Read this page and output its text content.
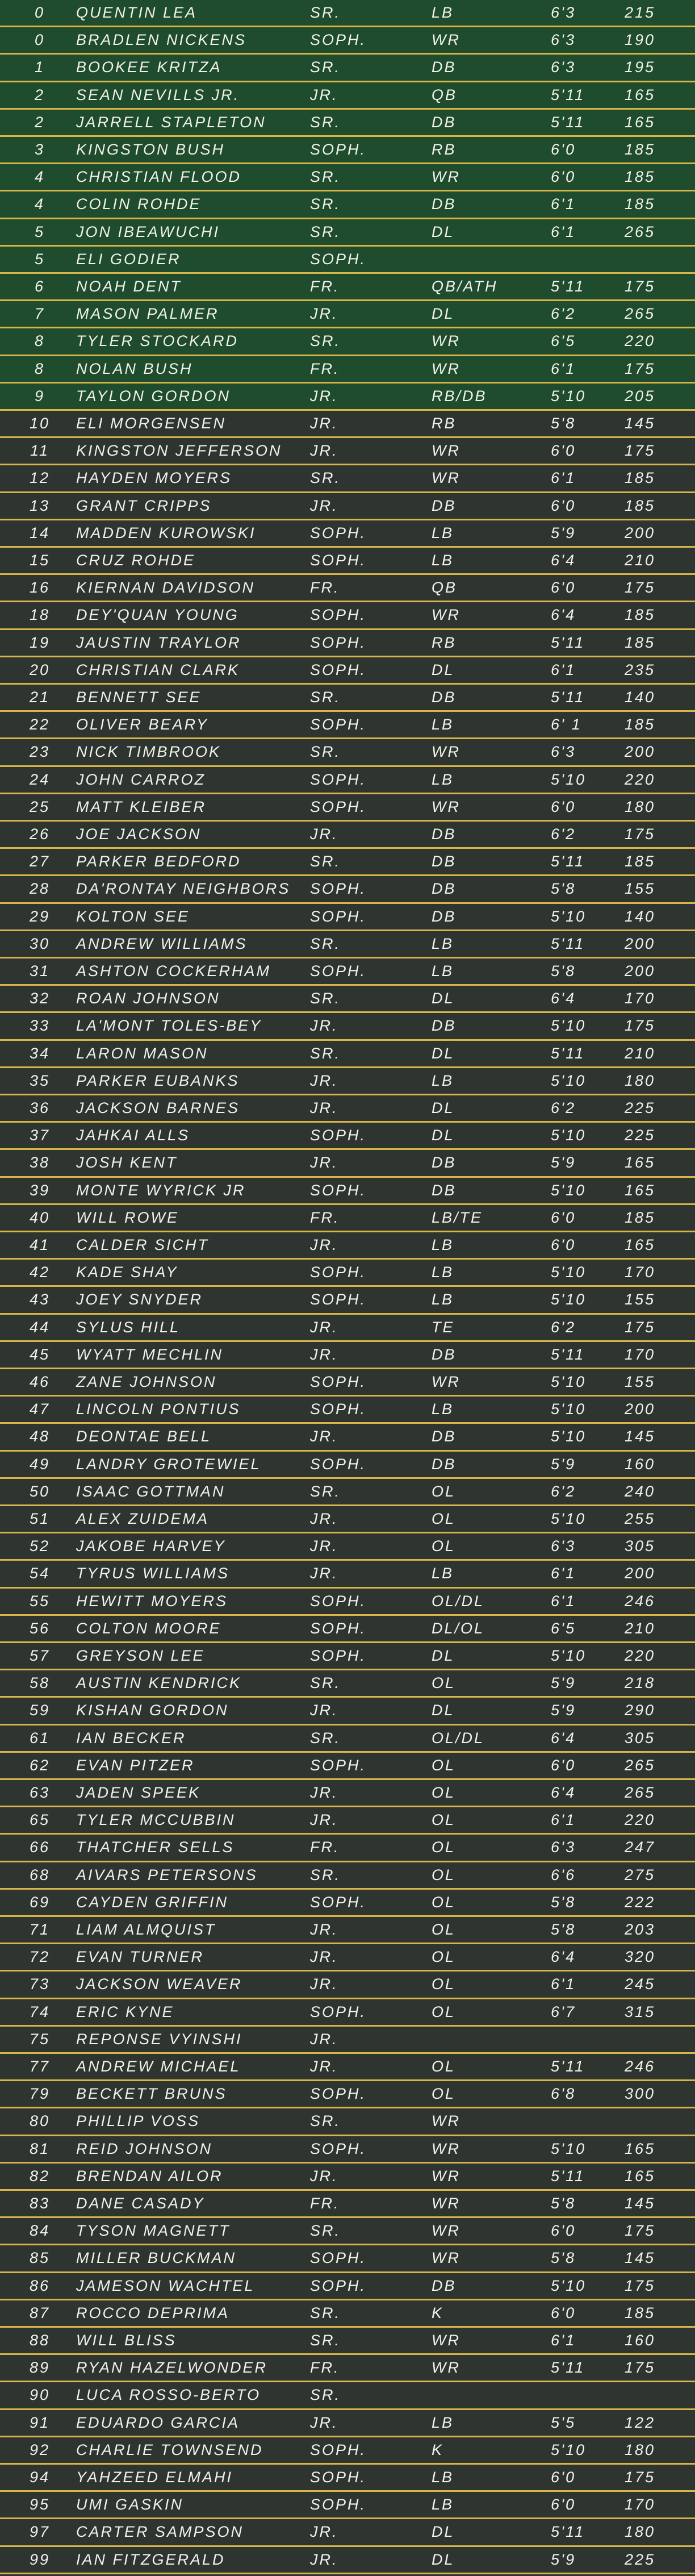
0	QUENTIN LEA	SR.	LB	6'3	215
0	BRADLEN NICKENS	SOPH.	WR	6'3	190
1	BOOKEE KRITZA	SR.	DB	6'3	195
2	SEAN NEVILLS JR.	JR.	QB	5'11	165
2	JARRELL STAPLETON	SR.	DB	5'11	165
3	KINGSTON BUSH	SOPH.	RB	6'0	185
4	CHRISTIAN FLOOD	SR.	WR	6'0	185
4	COLIN ROHDE	SR.	DB	6'1	185
5	JON IBEAWUCHI	SR.	DL	6'1	265
5	ELI GODIER	SOPH.
6	NOAH DENT	FR.	QB/ATH	5'11	175
7	MASON PALMER	JR.	DL	6'2	265
8	TYLER STOCKARD	SR.	WR	6'5	220
8	NOLAN BUSH	FR.	WR	6'1	175
9	TAYLON GORDON	JR.	RB/DB	5'10	205
10	ELI MORGENSEN	JR.	RB	5'8	145
11	KINGSTON JEFFERSON JR.	WR	6'0	175
12	HAYDEN MOYERS	SR.	WR	6'1	185
13	GRANT CRIPPS	JR.	DB	6'0	185
14	MADDEN KUROWSKI	SOPH.	LB	5'9	200
15	CRUZ ROHDE	SOPH.	LB	6'4	210
16	KIERNAN DAVIDSON	FR.	QB	6'0	175
18	DEY'QUAN YOUNG	SOPH.	WR	6'4	185
19	JAUSTIN TRAYLOR	SOPH.	RB	5'11	185
20	CHRISTIAN CLARK	SOPH.	DL	6'1	235
21	BENNETT SEE	SR.	DB	5'11	140
22	OLIVER BEARY	SOPH.	LB	6' 1	185
23	NICK TIMBROOK	SR.	WR	6'3	200
24	JOHN CARROZ	SOPH.	LB	5'10	220
25	MATT KLEIBER	SOPH.	WR	6'0	180
26	JOE JACKSON	JR.	DB	6'2	175
27	PARKER BEDFORD	SR.	DB	5'11	185
28	DA'RONTAY NEIGHBORS SOPH.	DB	5'8	155
29	KOLTON SEE	SOPH.	DB	5'10	140
30	ANDREW WILLIAMS	SR.	LB	5'11	200
31	ASHTON COCKERHAM	SOPH.	LB	5'8	200
32	ROAN JOHNSON	SR.	DL	6'4	170
33	LA'MONT TOLES-BEY	JR.	DB	5'10	175
34	LARON MASON	SR.	DL	5'11	210
35	PARKER EUBANKS	JR.	LB	5'10	180
36	JACKSON BARNES	JR.	DL	6'2	225
37	JAHKAI ALLS	SOPH.	DL	5'10	225
38	JOSH KENT	JR.	DB	5'9	165
39	MONTE WYRICK JR	SOPH.	DB	5'10	165
40	WILL ROWE	FR.	LB/TE	6'0	185
41	CALDER SICHT	JR.	LB	6'0	165
42	KADE SHAY	SOPH.	LB	5'10	170
43	JOEY SNYDER	SOPH.	LB	5'10	155
44	SYLUS HILL	JR.	TE	6'2	175
45	WYATT MECHLIN	JR.	DB	5'11	170
46	ZANE JOHNSON	SOPH.	WR	5'10	155
47	LINCOLN PONTIUS	SOPH.	LB	5'10	200
48	DEONTAE BELL	JR.	DB	5'10	145
49	LANDRY GROTEWIEL	SOPH.	DB	5'9	160
50	ISAAC GOTTMAN	SR.	OL	6'2	240
51	ALEX ZUIDEMA	JR.	OL	5'10	255
52	JAKOBE HARVEY	JR.	OL	6'3	305
54	TYRUS WILLIAMS	JR.	LB	6'1	200
55	HEWITT MOYERS	SOPH.	OL/DL	6'1	246
56	COLTON MOORE	SOPH.	DL/OL	6'5	210
57	GREYSON LEE	SOPH.	DL	5'10	220
58	AUSTIN KENDRICK	SR.	OL	5'9	218
59	KISHAN GORDON	JR.	DL	5'9	290
61	IAN BECKER	SR.	OL/DL	6'4	305
62	EVAN PITZER	SOPH.	OL	6'0	265
63	JADEN SPEEK	JR.	OL	6'4	265
65	TYLER MCCUBBIN	JR.	OL	6'1	220
66	THATCHER SELLS	FR.	OL	6'3	247
68	AIVARS PETERSONS	SR.	OL	6'6	275
69	CAYDEN GRIFFIN	SOPH.	OL	5'8	222
71	LIAM ALMQUIST	JR.	OL	5'8	203
72	EVAN TURNER	JR.	OL	6'4	320
73	JACKSON WEAVER	JR.	OL	6'1	245
74	ERIC KYNE	SOPH.	OL	6'7	315
75	REPONSE VYINSHI	JR.
77	ANDREW MICHAEL	JR.	OL	5'11	246
79	BECKETT BRUNS	SOPH.	OL	6'8	300
80	PHILLIP VOSS	SR.	WR
81	REID JOHNSON	SOPH.	WR	5'10	165
82	BRENDAN AILOR	JR.	WR	5'11	165
83	DANE CASADY	FR.	WR	5'8	145
84	TYSON MAGNETT	SR.	WR	6'0	175
85	MILLER BUCKMAN	SOPH.	WR	5'8	145
86	JAMESON WACHTEL	SOPH.	DB	5'10	175
87	ROCCO DEPRIMA	SR.	K	6'0	185
88	WILL BLISS	SR.	WR	6'1	160
89	RYAN HAZELWONDER	FR.	WR	5'11	175
90	LUCA ROSSO-BERTO	SR.
91	EDUARDO GARCIA	JR.	LB	5'5	122
92	CHARLIE TOWNSEND	SOPH.	K	5'10	180
94	YAHZEED ELMAHI	SOPH.	LB	6'0	175
95	UMI GASKIN	SOPH.	LB	6'0	170
97	CARTER SAMPSON	JR.	DL	5'11	180
99	IAN FITZGERALD	JR.	DL	5'9	225
